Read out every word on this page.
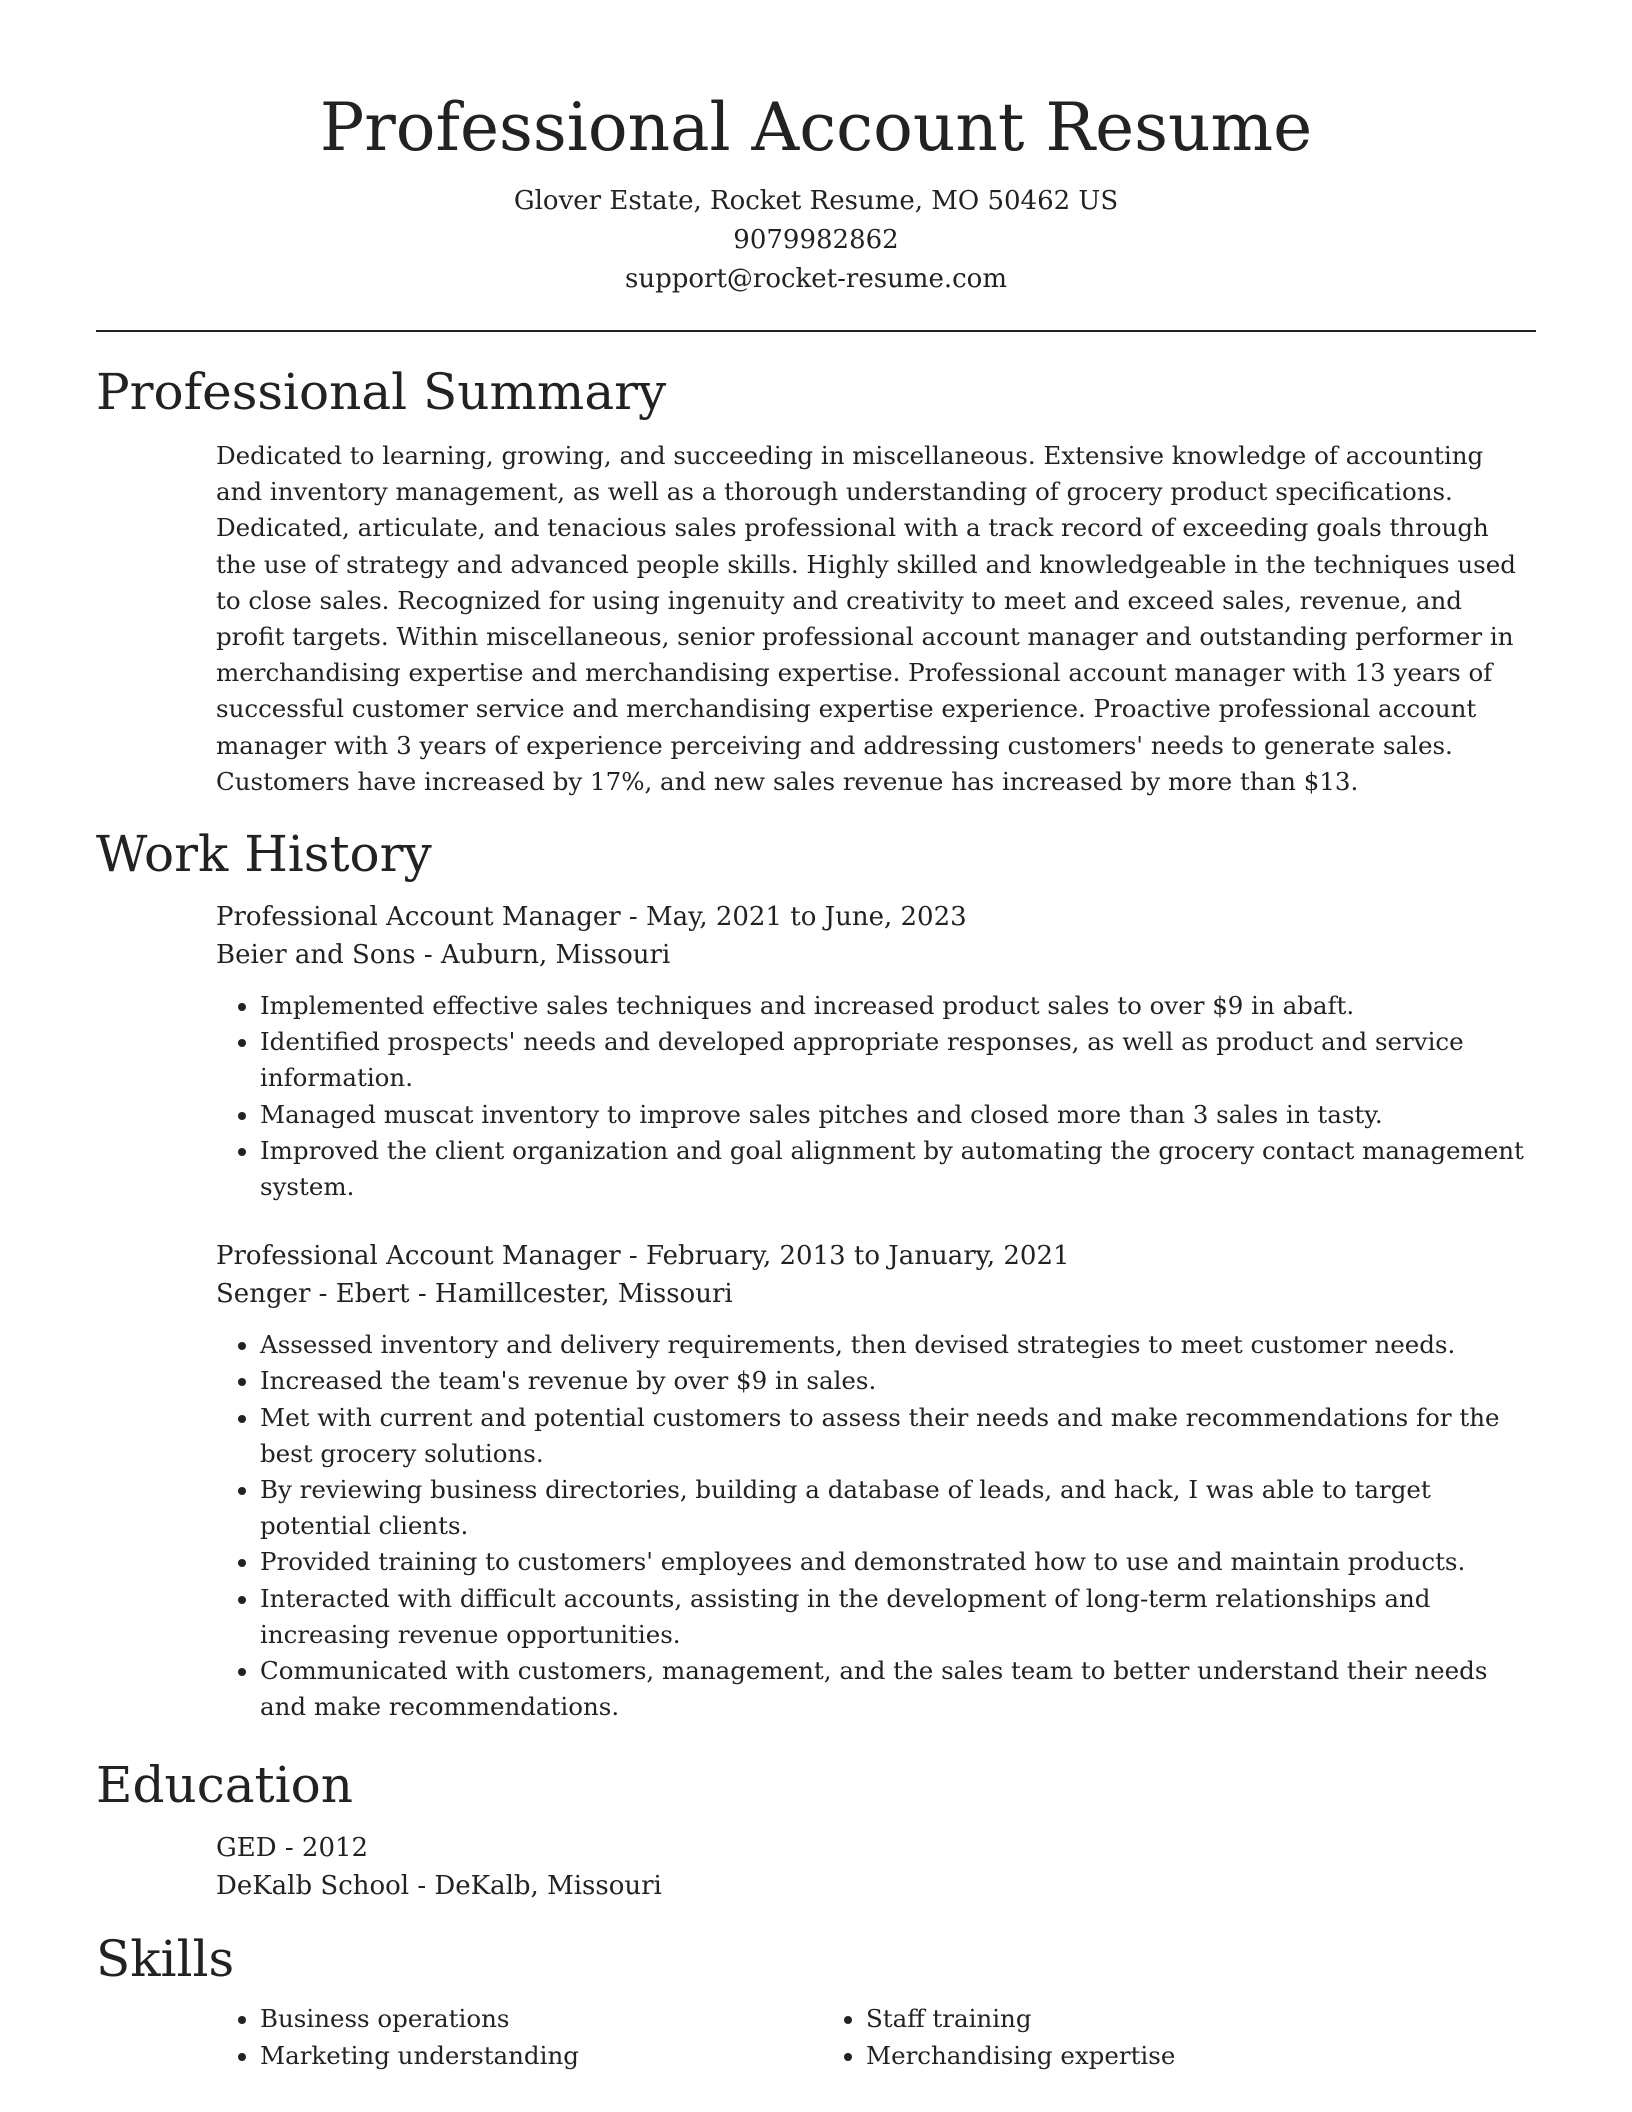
Professional Account Resume
Glover Estate, Rocket Resume, MO 50462 US
9079982862
support@rocket-resume.com
Professional Summary

Dedicated to learning, growing, and succeeding in miscellaneous. Extensive knowledge of accounting and inventory management, as well as a thorough understanding of grocery product specifications. Dedicated, articulate, and tenacious sales professional with a track record of exceeding goals through the use of strategy and advanced people skills. Highly skilled and knowledgeable in the techniques used to close sales. Recognized for using ingenuity and creativity to meet and exceed sales, revenue, and profit targets. Within miscellaneous, senior professional account manager and outstanding performer in merchandising expertise and merchandising expertise. Professional account manager with 13 years of successful customer service and merchandising expertise experience. Proactive professional account manager with 3 years of experience perceiving and addressing customers' needs to generate sales. Customers have increased by 17%, and new sales revenue has increased by more than $13.

Work History
Professional Account Manager - May, 2021 to June, 2023
Beier and Sons - Auburn, Missouri
• Implemented effective sales techniques and increased product sales to over $9 in abaft.
• Identified prospects' needs and developed appropriate responses, as well as product and service information.
• Managed muscat inventory to improve sales pitches and closed more than 3 sales in tasty.
• Improved the client organization and goal alignment by automating the grocery contact management system.
Professional Account Manager - February, 2013 to January, 2021
Senger - Ebert - Hamillcester, Missouri
• Assessed inventory and delivery requirements, then devised strategies to meet customer needs.
• Increased the team's revenue by over $9 in sales.
• Met with current and potential customers to assess their needs and make recommendations for the best grocery solutions.
• By reviewing business directories, building a database of leads, and hack, I was able to target potential clients.
• Provided training to customers' employees and demonstrated how to use and maintain products.
• Interacted with difficult accounts, assisting in the development of long-term relationships and increasing revenue opportunities.
• Communicated with customers, management, and the sales team to better understand their needs and make recommendations.
Education
GED - 2012
DeKalb School - DeKalb, Missouri
Skills
• Business operations
• Marketing understanding
• Staff training
• Merchandising expertise
